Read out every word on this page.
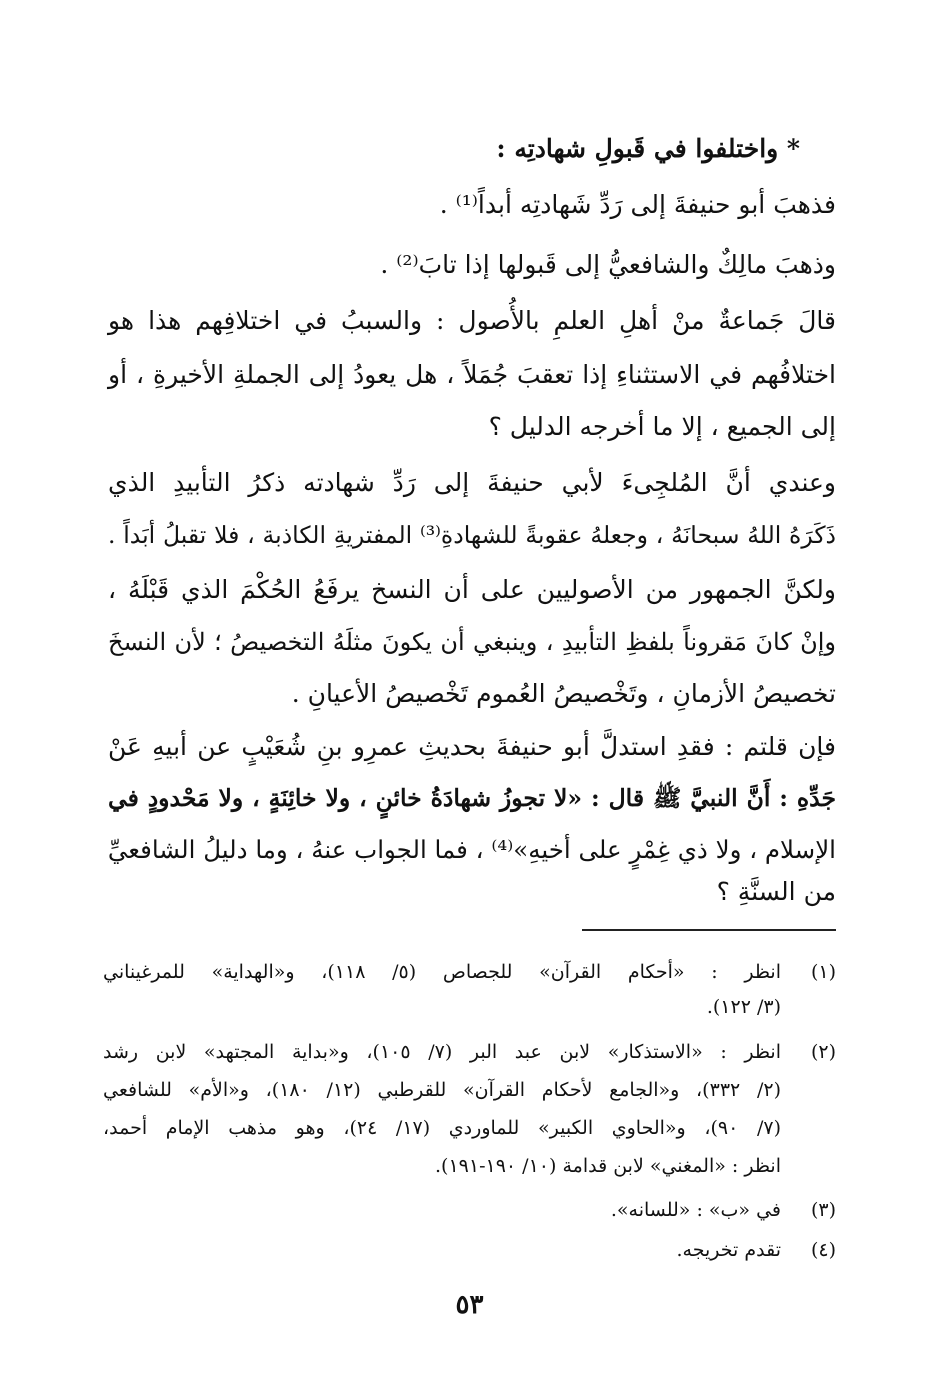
* واختلفوا في قَبولِ شهادتِه :
فذهبَ أبو حنيفةَ إلى رَدِّ شَهادتِه أبداً⁽¹⁾ .
وذهبَ مالِكٌ والشافعيُّ إلى قَبولها إذا تابَ⁽²⁾ .
قالَ جَماعةٌ منْ أهلِ العلمِ بالأُصول : والسببُ في اختلافِهم هذا هو
اختلافُهم في الاستثناءِ إذا تعقبَ جُمَلاً ، هل يعودُ إلى الجملةِ الأخيرةِ ، أو
إلى الجميع ، إلا ما أخرجه الدليل ؟
وعندي أنَّ المُلجِىءَ لأبي حنيفةَ إلى رَدِّ شهادته ذكرُ التأبيدِ الذي
ذَكَرَهُ اللهُ سبحانَهُ ، وجعلهُ عقوبةً للشهادةِ⁽³⁾ المفتريةِ الكاذبة ، فلا تقبلُ أبَداً .
ولكنَّ الجمهور من الأصوليين على أن النسخ يرفَعُ الحُكْمَ الذي قَبْلَهُ ،
وإنْ كانَ مَقروناً بلفظِ التأبيدِ ، وينبغي أن يكونَ مثلَهُ التخصيصُ ؛ لأن النسخَ
تخصيصُ الأزمانِ ، وتَخْصيصُ العُموم تَخْصيصُ الأعيانِ .
فإن قلتم : فقدِ استدلَّ أبو حنيفةَ بحديثِ عمرِو بنِ شُعَيْبٍ عن أبيهِ عَنْ
جَدِّهِ : أَنَّ النبيَّ ﷺ قال : «لا تجوزُ شهادَةُ خائنٍ ، ولا خائِنَةٍ ، ولا مَحْدودٍ في
الإسلام ، ولا ذي غِمْرٍ على أخيهِ»⁽⁴⁾ ، فما الجواب عنهُ ، وما دليلُ الشافعيِّ
من السنَّةِ ؟
(١)
انظر : «أحكام القرآن» للجصاص (٥/ ١١٨)، و«الهداية» للمرغيناني
(٣/ ١٢٢).
(٢)
انظر : «الاستذكار» لابن عبد البر (٧/ ١٠٥)، و«بداية المجتهد» لابن رشد
(٢/ ٣٣٢)، و«الجامع لأحكام القرآن» للقرطبي (١٢/ ١٨٠)، و«الأم» للشافعي
(٧/ ٩٠)، و«الحاوي الكبير» للماوردي (١٧/ ٢٤)، وهو مذهب الإمام أحمد،
انظر : «المغني» لابن قدامة (١٠/ ١٩٠-١٩١).
(٣)
في «ب» : «للسانه».
(٤)
تقدم تخريجه.
٥٣
